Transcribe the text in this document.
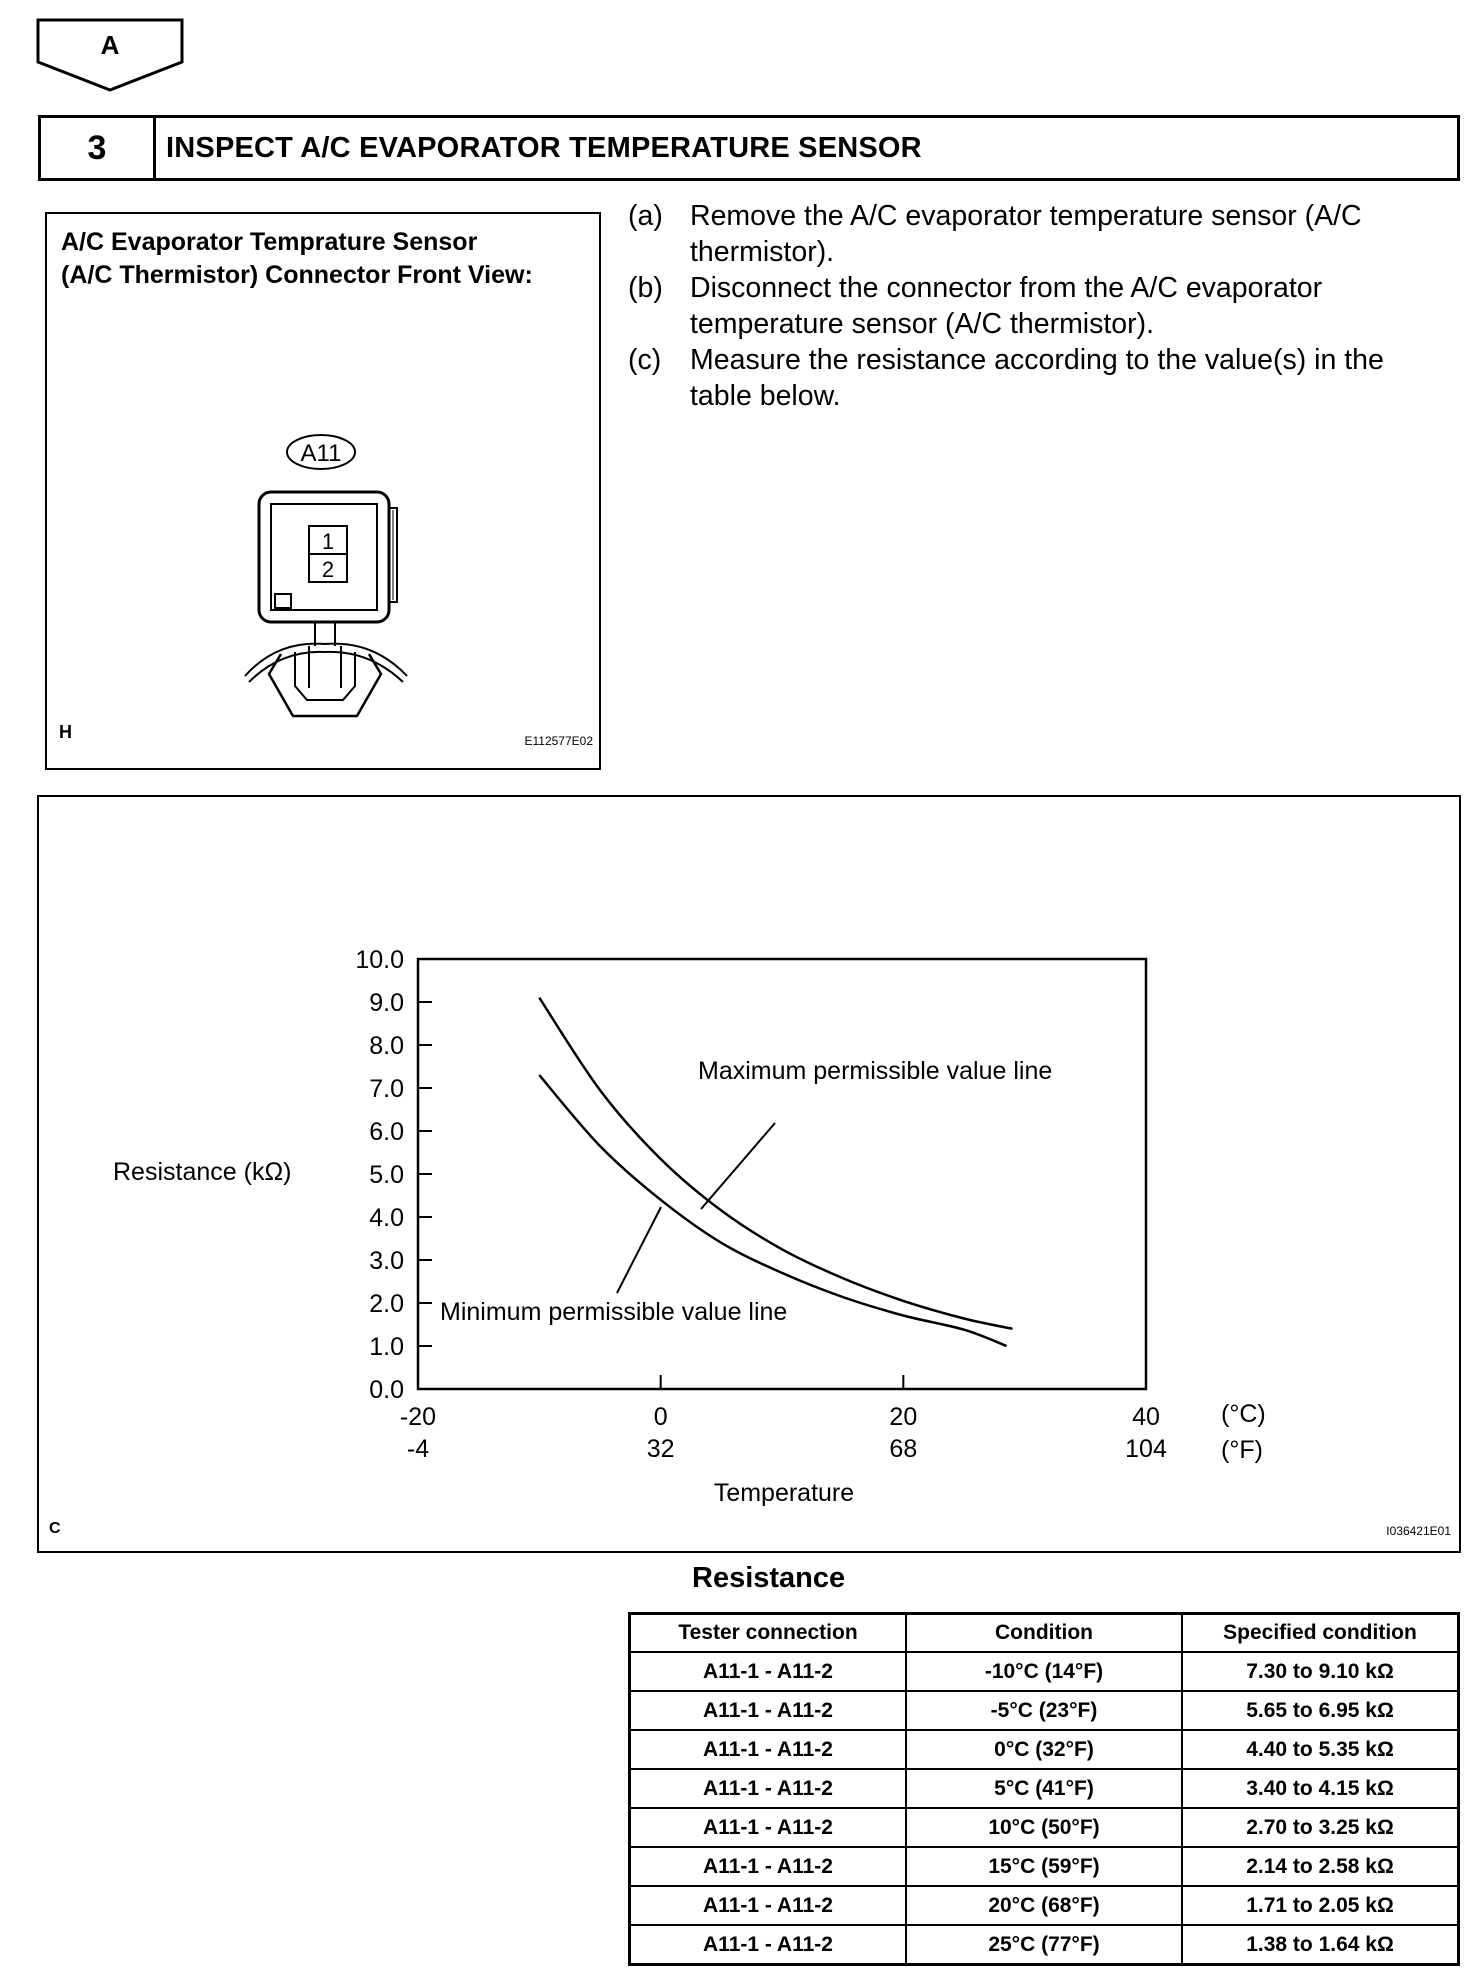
A
3	INSPECT A/C EVAPORATOR TEMPERATURE SENSOR
A/C Evaporator Temprature Sensor
(A/C Thermistor) Connector Front View:
A11
1
2
H	E112577E02
(a) Remove the A/C evaporator temperature sensor (A/C
thermistor).
(b) Disconnect the connector from the A/C evaporator
temperature sensor (A/C thermistor).
(c)	Measure the resistance according to the value(s) in the
table below.
10.0
9.0
8.0
7.0
6.0
5.0
4.0
3.0
2.0
1.0
0.0
-20
-4
0
32
20
68
40
104
Resistance (kΩ)
Temperature
(°C)
(°F)
Maximum permissible value line
Minimum permissible value line
C	I036421E01
Resistance
Tester connection	Condition	Specified condition
A11-1 - A11-2	-10°C (14°F)	7.30 to 9.10 kΩ
A11-1 - A11-2	-5°C (23°F)	5.65 to 6.95 kΩ
A11-1 - A11-2	0°C (32°F)	4.40 to 5.35 kΩ
A11-1 - A11-2	5°C (41°F)	3.40 to 4.15 kΩ
A11-1 - A11-2	10°C (50°F)	2.70 to 3.25 kΩ
A11-1 - A11-2	15°C (59°F)	2.14 to 2.58 kΩ
A11-1 - A11-2	20°C (68°F)	1.71 to 2.05 kΩ
A11-1 - A11-2	25°C (77°F)	1.38 to 1.64 kΩ
